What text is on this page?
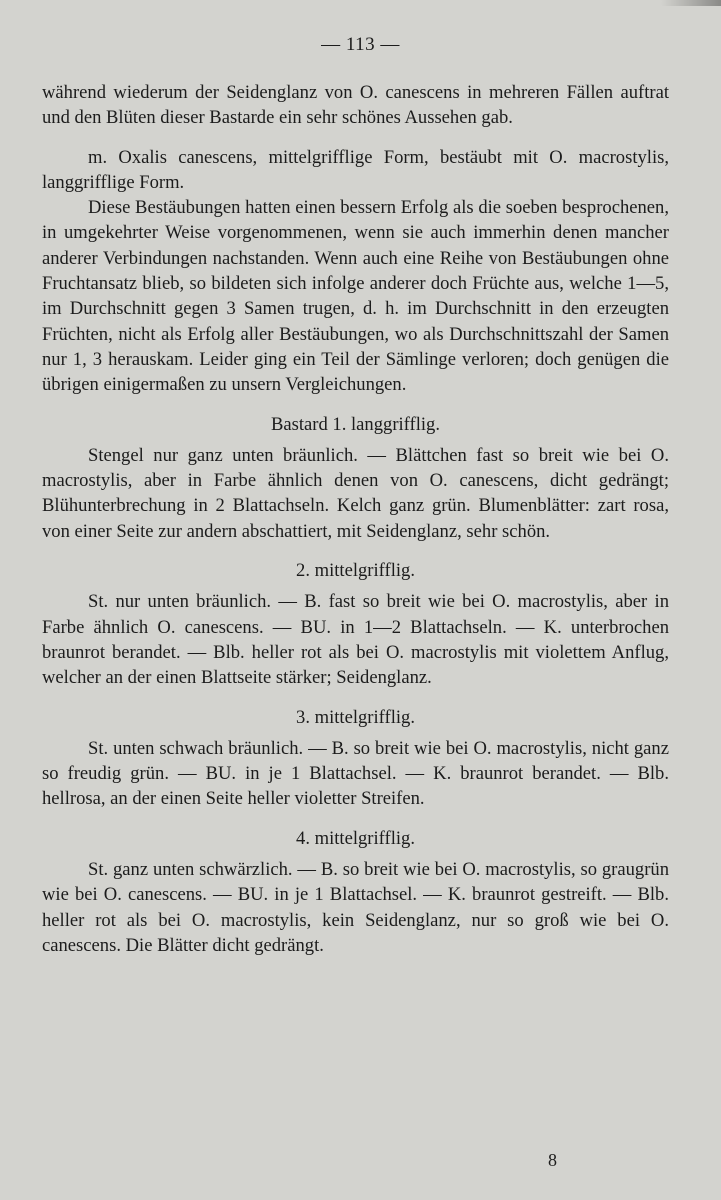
— 113 —

während wiederum der Seidenglanz von O. canescens in mehreren Fällen auftrat und den Blüten dieser Bastarde ein sehr schönes Aussehen gab.

m. Oxalis canescens, mittelgrifflige Form, bestäubt mit O. macrostylis, langgrifflige Form.

Diese Bestäubungen hatten einen bessern Erfolg als die soeben besprochenen, in umgekehrter Weise vorgenommenen, wenn sie auch immerhin denen mancher anderer Verbindungen nachstanden. Wenn auch eine Reihe von Bestäubungen ohne Fruchtansatz blieb, so bildeten sich infolge anderer doch Früchte aus, welche 1—5, im Durchschnitt gegen 3 Samen trugen, d. h. im Durchschnitt in den erzeugten Früchten, nicht als Erfolg aller Bestäubungen, wo als Durchschnittszahl der Samen nur 1, 3 herauskam. Leider ging ein Teil der Sämlinge verloren; doch genügen die übrigen einigermaßen zu unsern Vergleichungen.

Bastard 1. langgrifflig.

Stengel nur ganz unten bräunlich. — Blättchen fast so breit wie bei O. macrostylis, aber in Farbe ähnlich denen von O. canescens, dicht gedrängt; Blühunterbrechung in 2 Blattachseln. Kelch ganz grün. Blumenblätter: zart rosa, von einer Seite zur andern abschattiert, mit Seidenglanz, sehr schön.

2. mittelgrifflig.

St. nur unten bräunlich. — B. fast so breit wie bei O. macrostylis, aber in Farbe ähnlich O. canescens. — BU. in 1—2 Blattachseln. — K. unterbrochen braunrot berandet. — Blb. heller rot als bei O. macrostylis mit violettem Anflug, welcher an der einen Blattseite stärker; Seidenglanz.

3. mittelgrifflig.

St. unten schwach bräunlich. — B. so breit wie bei O. macrostylis, nicht ganz so freudig grün. — BU. in je 1 Blattachsel. — K. braunrot berandet. — Blb. hellrosa, an der einen Seite heller violetter Streifen.

4. mittelgrifflig.

St. ganz unten schwärzlich. — B. so breit wie bei O. macrostylis, so graugrün wie bei O. canescens. — BU. in je 1 Blattachsel. — K. braunrot gestreift. — Blb. heller rot als bei O. macrostylis, kein Seidenglanz, nur so groß wie bei O. canescens. Die Blätter dicht gedrängt.

8
